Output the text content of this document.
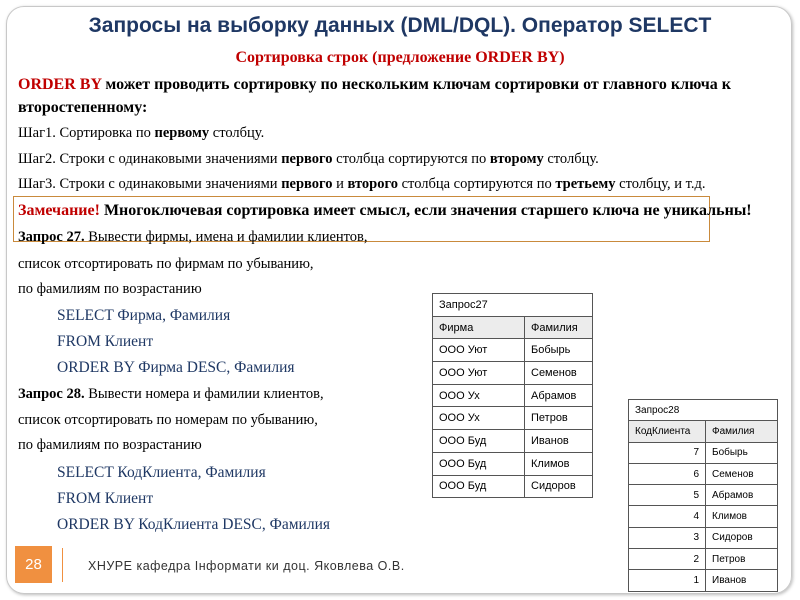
Запросы на выборку данных (DML/DQL). Оператор SELECT
Сортировка строк (предложение ORDER BY)
ORDER BY может проводить сортировку по нескольким ключам сортировки от главного ключа к
второстепенному:
Шаг1. Сортировка по первому столбцу.
Шаг2. Строки с одинаковыми значениями первого столбца сортируются по второму столбцу.
Шаг3. Строки с одинаковыми значениями первого и второго столбца сортируются по третьему столбцу, и т.д.
Замечание! Многоключевая сортировка имеет смысл, если значения старшего ключа не уникальны!
Запрос 27. Вывести фирмы, имена и фамилии клиентов,
список отсортировать по фирмам по убыванию,
по фамилиям по возрастанию
SELECT Фирма, Фамилия
FROM Клиент
ORDER BY Фирма DESC, Фамилия
Запрос 28. Вывести номера и фамилии клиентов,
список отсортировать по номерам по убыванию,
по фамилиям по возрастанию
SELECT КодКлиента, Фамилия
FROM Клиент
ORDER BY КодКлиента DESC, Фамилия
Запрос27	
Фирма	Фамилия
ООО Уют	Бобырь
ООО Уют	Семенов
ООО Ух	Абрамов
ООО Ух	Петров
ООО Буд	Иванов
ООО Буд	Климов
ООО Буд	Сидоров
Запрос28	
КодКлиента	Фамилия
7	Бобырь
6	Семенов
5	Абрамов
4	Климов
3	Сидоров
2	Петров
1	Иванов
28	ХНУРЕ кафедра Інформати ки доц. Яковлева О.В.
